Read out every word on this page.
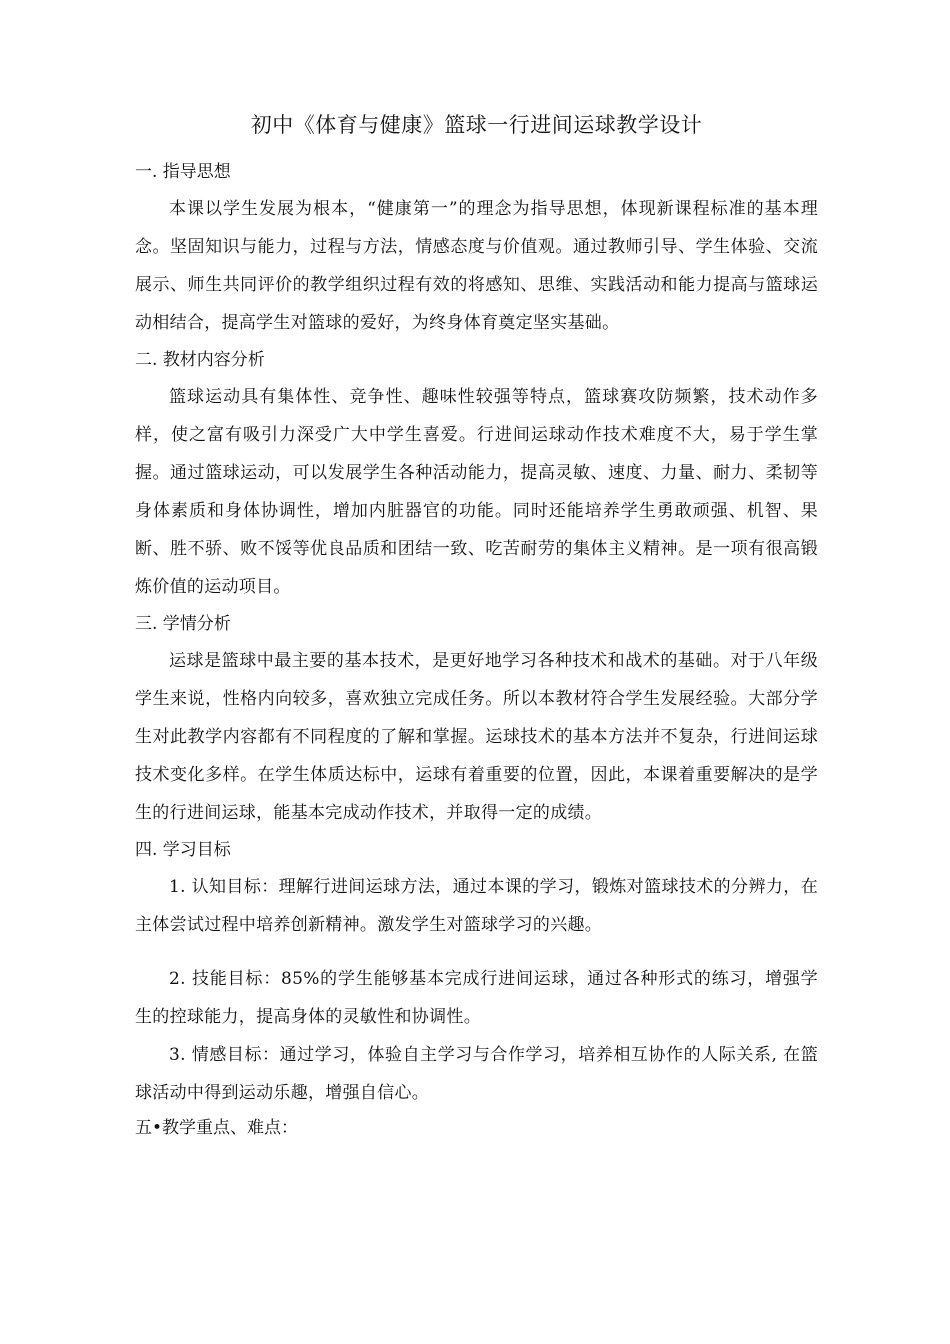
初中《体育与健康》篮球一行进间运球教学设计
一. 指导思想

本课以学生发展为根本，“健康第一”的理念为指导思想，体现新课程标准的基本理念。坚固知识与能力，过程与方法，情感态度与价值观。通过教师引导、学生体验、交流展示、师生共同评价的教学组织过程有效的将感知、思维、实践活动和能力提高与篮球运动相结合，提高学生对篮球的爱好，为终身体育奠定坚实基础。

二. 教材内容分析

篮球运动具有集体性、竞争性、趣味性较强等特点，篮球赛攻防频繁，技术动作多样，使之富有吸引力深受广大中学生喜爱。行进间运球动作技术难度不大，易于学生掌握。通过篮球运动，可以发展学生各种活动能力，提高灵敏、速度、力量、耐力、柔韧等身体素质和身体协调性，增加内脏器官的功能。同时还能培养学生勇敢顽强、机智、果断、胜不骄、败不馁等优良品质和团结一致、吃苦耐劳的集体主义精神。是一项有很高锻炼价值的运动项目。

三. 学情分析

运球是篮球中最主要的基本技术，是更好地学习各种技术和战术的基础。对于八年级学生来说，性格内向较多，喜欢独立完成任务。所以本教材符合学生发展经验。大部分学生对此教学内容都有不同程度的了解和掌握。运球技术的基本方法并不复杂，行进间运球技术变化多样。在学生体质达标中，运球有着重要的位置，因此，本课着重要解决的是学生的行进间运球，能基本完成动作技术，并取得一定的成绩。

四. 学习目标

1. 认知目标：理解行进间运球方法，通过本课的学习，锻炼对篮球技术的分辨力，在主体尝试过程中培养创新精神。激发学生对篮球学习的兴趣。

2. 技能目标：85%的学生能够基本完成行进间运球，通过各种形式的练习，增强学生的控球能力，提高身体的灵敏性和协调性。

3. 情感目标：通过学习，体验自主学习与合作学习，培养相互协作的人际关系, 在篮球活动中得到运动乐趣，增强自信心。

五•教学重点、难点：
